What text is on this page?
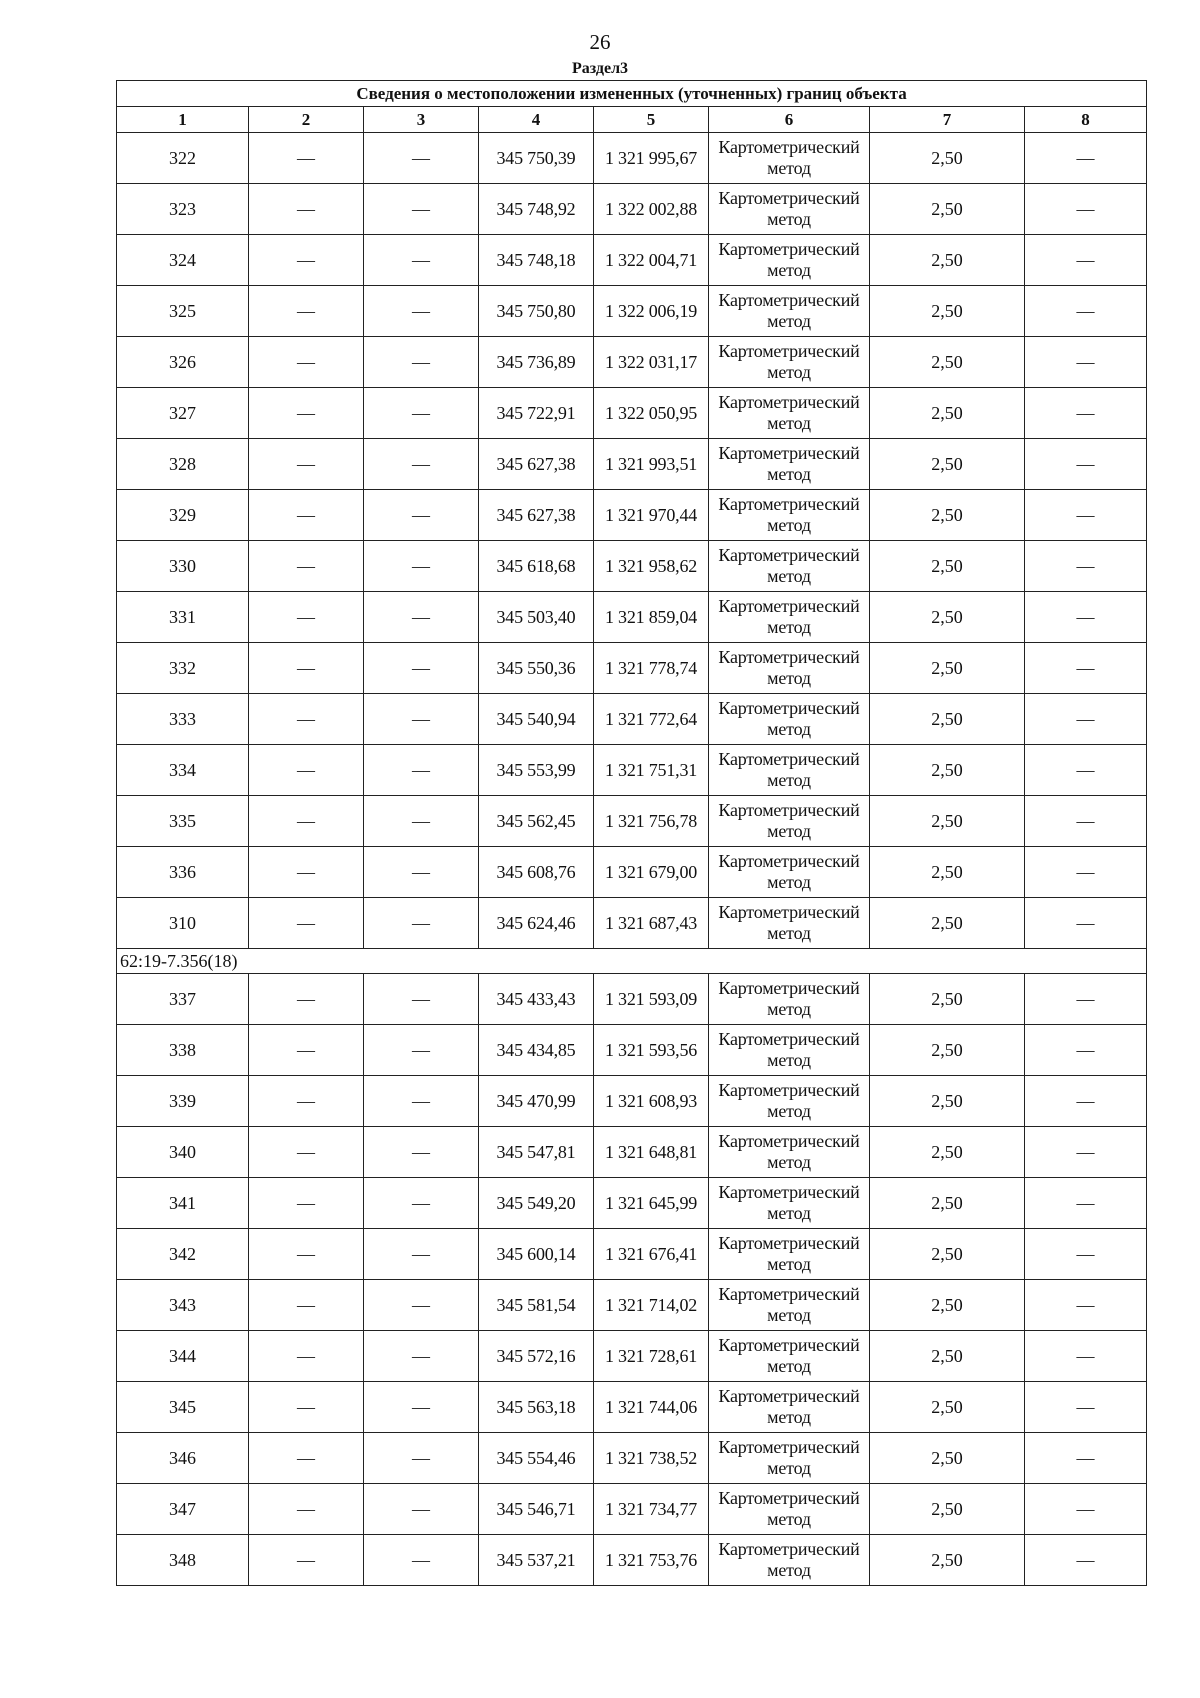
26
Раздел3
Сведения о местоположении измененных (уточненных) границ объекта							
1	2	3	4	5	6	7	8
322	—	—	345 750,39	1 321 995,67	Картометрический метод	2,50	—
323	—	—	345 748,92	1 322 002,88	Картометрический метод	2,50	—
324	—	—	345 748,18	1 322 004,71	Картометрический метод	2,50	—
325	—	—	345 750,80	1 322 006,19	Картометрический метод	2,50	—
326	—	—	345 736,89	1 322 031,17	Картометрический метод	2,50	—
327	—	—	345 722,91	1 322 050,95	Картометрический метод	2,50	—
328	—	—	345 627,38	1 321 993,51	Картометрический метод	2,50	—
329	—	—	345 627,38	1 321 970,44	Картометрический метод	2,50	—
330	—	—	345 618,68	1 321 958,62	Картометрический метод	2,50	—
331	—	—	345 503,40	1 321 859,04	Картометрический метод	2,50	—
332	—	—	345 550,36	1 321 778,74	Картометрический метод	2,50	—
333	—	—	345 540,94	1 321 772,64	Картометрический метод	2,50	—
334	—	—	345 553,99	1 321 751,31	Картометрический метод	2,50	—
335	—	—	345 562,45	1 321 756,78	Картометрический метод	2,50	—
336	—	—	345 608,76	1 321 679,00	Картометрический метод	2,50	—
310	—	—	345 624,46	1 321 687,43	Картометрический метод	2,50	—
62:19-7.356(18)							
337	—	—	345 433,43	1 321 593,09	Картометрический метод	2,50	—
338	—	—	345 434,85	1 321 593,56	Картометрический метод	2,50	—
339	—	—	345 470,99	1 321 608,93	Картометрический метод	2,50	—
340	—	—	345 547,81	1 321 648,81	Картометрический метод	2,50	—
341	—	—	345 549,20	1 321 645,99	Картометрический метод	2,50	—
342	—	—	345 600,14	1 321 676,41	Картометрический метод	2,50	—
343	—	—	345 581,54	1 321 714,02	Картометрический метод	2,50	—
344	—	—	345 572,16	1 321 728,61	Картометрический метод	2,50	—
345	—	—	345 563,18	1 321 744,06	Картометрический метод	2,50	—
346	—	—	345 554,46	1 321 738,52	Картометрический метод	2,50	—
347	—	—	345 546,71	1 321 734,77	Картометрический метод	2,50	—
348	—	—	345 537,21	1 321 753,76	Картометрический метод	2,50	—
